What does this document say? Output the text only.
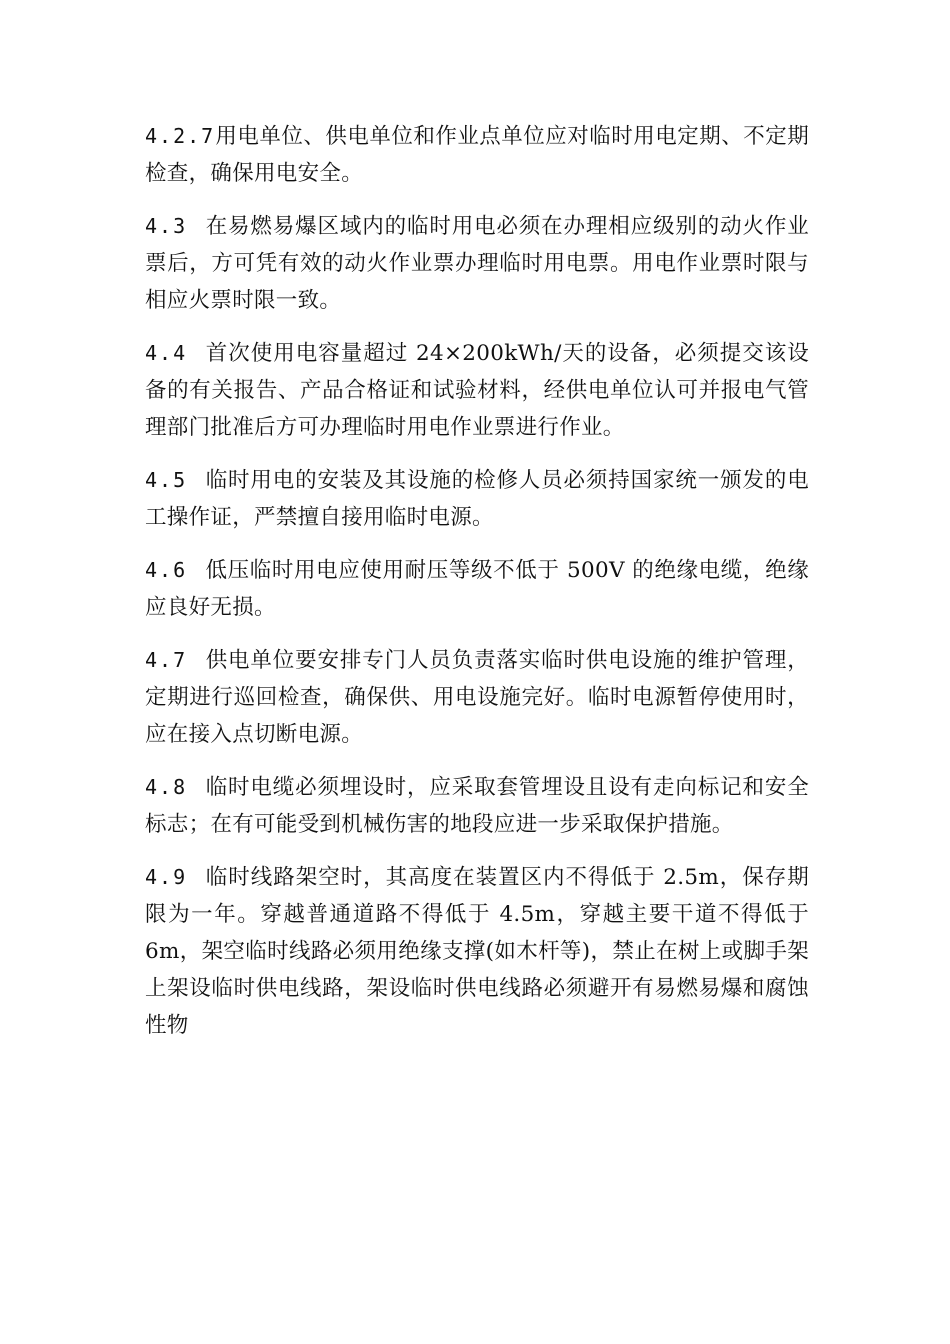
4.2.7用电单位、供电单位和作业点单位应对临时用电定期、不定期检查，确保用电安全。

4.3 在易燃易爆区域内的临时用电必须在办理相应级别的动火作业票后，方可凭有效的动火作业票办理临时用电票。用电作业票时限与相应火票时限一致。

4.4 首次使用电容量超过 24×200kWh/天的设备，必须提交该设备的有关报告、产品合格证和试验材料，经供电单位认可并报电气管理部门批准后方可办理临时用电作业票进行作业。

4.5 临时用电的安装及其设施的检修人员必须持国家统一颁发的电工操作证，严禁擅自接用临时电源。

4.6 低压临时用电应使用耐压等级不低于 500V 的绝缘电缆，绝缘应良好无损。

4.7 供电单位要安排专门人员负责落实临时供电设施的维护管理，定期进行巡回检查，确保供、用电设施完好。临时电源暂停使用时，应在接入点切断电源。

4.8 临时电缆必须埋设时，应采取套管埋设且设有走向标记和安全标志；在有可能受到机械伤害的地段应进一步采取保护措施。

4.9 临时线路架空时，其高度在装置区内不得低于 2.5m，保存期限为一年。穿越普通道路不得低于 4.5m，穿越主要干道不得低于 6m，架空临时线路必须用绝缘支撑(如木杆等)，禁止在树上或脚手架上架设临时供电线路，架设临时供电线路必须避开有易燃易爆和腐蚀性物
